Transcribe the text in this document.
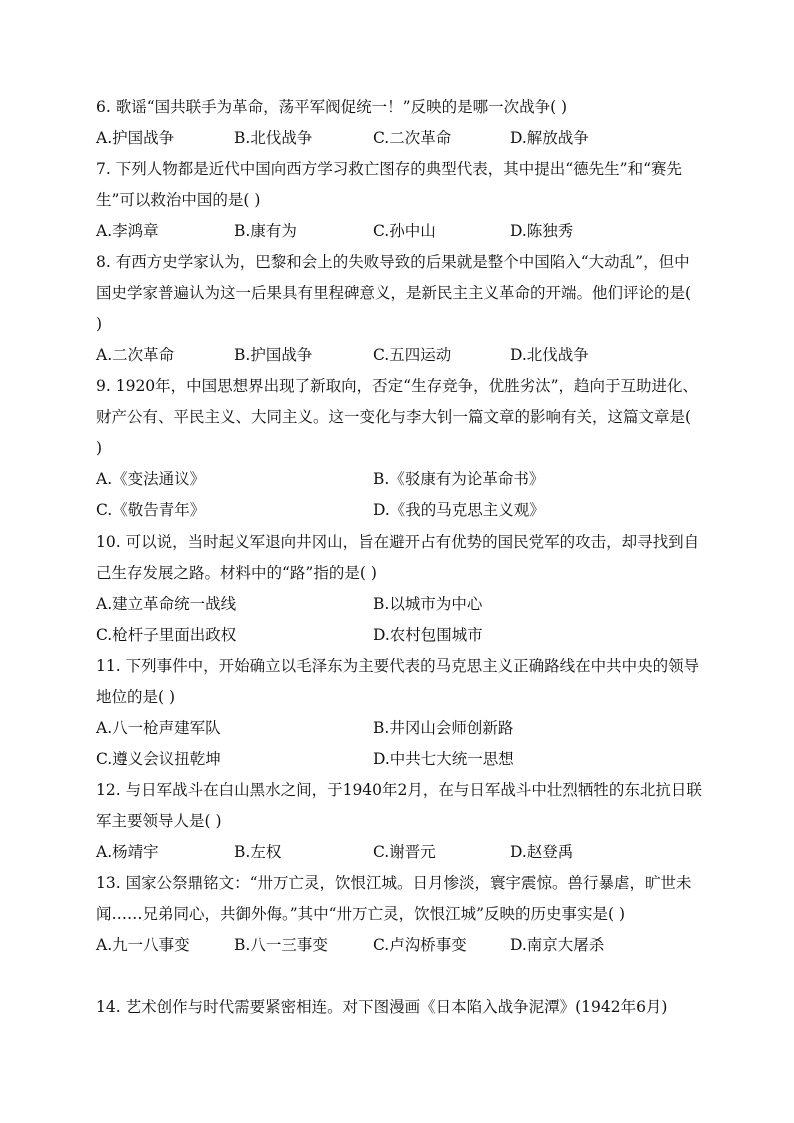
6. 歌谣“国共联手为革命，荡平军阀促统一！”反映的是哪一次战争( )
A.护国战争	B.北伐战争	C.二次革命	D.解放战争
7. 下列人物都是近代中国向西方学习救亡图存的典型代表，其中提出“德先生”和“赛先生”可以救治中国的是( )
A.李鸿章	B.康有为	C.孙中山	D.陈独秀
8. 有西方史学家认为，巴黎和会上的失败导致的后果就是整个中国陷入“大动乱”，但中国史学家普遍认为这一后果具有里程碑意义，是新民主主义革命的开端。他们评论的是( )
A.二次革命	B.护国战争	C.五四运动	D.北伐战争
9. 1920年，中国思想界出现了新取向，否定“生存竞争，优胜劣汰”，趋向于互助进化、财产公有、平民主义、大同主义。这一变化与李大钊一篇文章的影响有关，这篇文章是( )
A.《变法通议》	B.《驳康有为论革命书》
C.《敬告青年》	D.《我的马克思主义观》
10. 可以说，当时起义军退向井冈山，旨在避开占有优势的国民党军的攻击，却寻找到自己生存发展之路。材料中的“路”指的是( )
A.建立革命统一战线	B.以城市为中心
C.枪杆子里面出政权	D.农村包围城市
11. 下列事件中，开始确立以毛泽东为主要代表的马克思主义正确路线在中共中央的领导地位的是( )
A.八一枪声建军队	B.井冈山会师创新路
C.遵义会议扭乾坤	D.中共七大统一思想
12. 与日军战斗在白山黑水之间，于1940年2月，在与日军战斗中壮烈牺牲的东北抗日联军主要领导人是( )
A.杨靖宇	B.左权	C.谢晋元	D.赵登禹
13. 国家公祭鼎铭文：“卅万亡灵，饮恨江城。日月惨淡，寰宇震惊。兽行暴虐，旷世未闻……兄弟同心，共御外侮。”其中“卅万亡灵，饮恨江城”反映的历史事实是( )
A.九一八事变	B.八一三事变	C.卢沟桥事变	D.南京大屠杀
14. 艺术创作与时代需要紧密相连。对下图漫画《日本陷入战争泥潭》(1942年6月)
